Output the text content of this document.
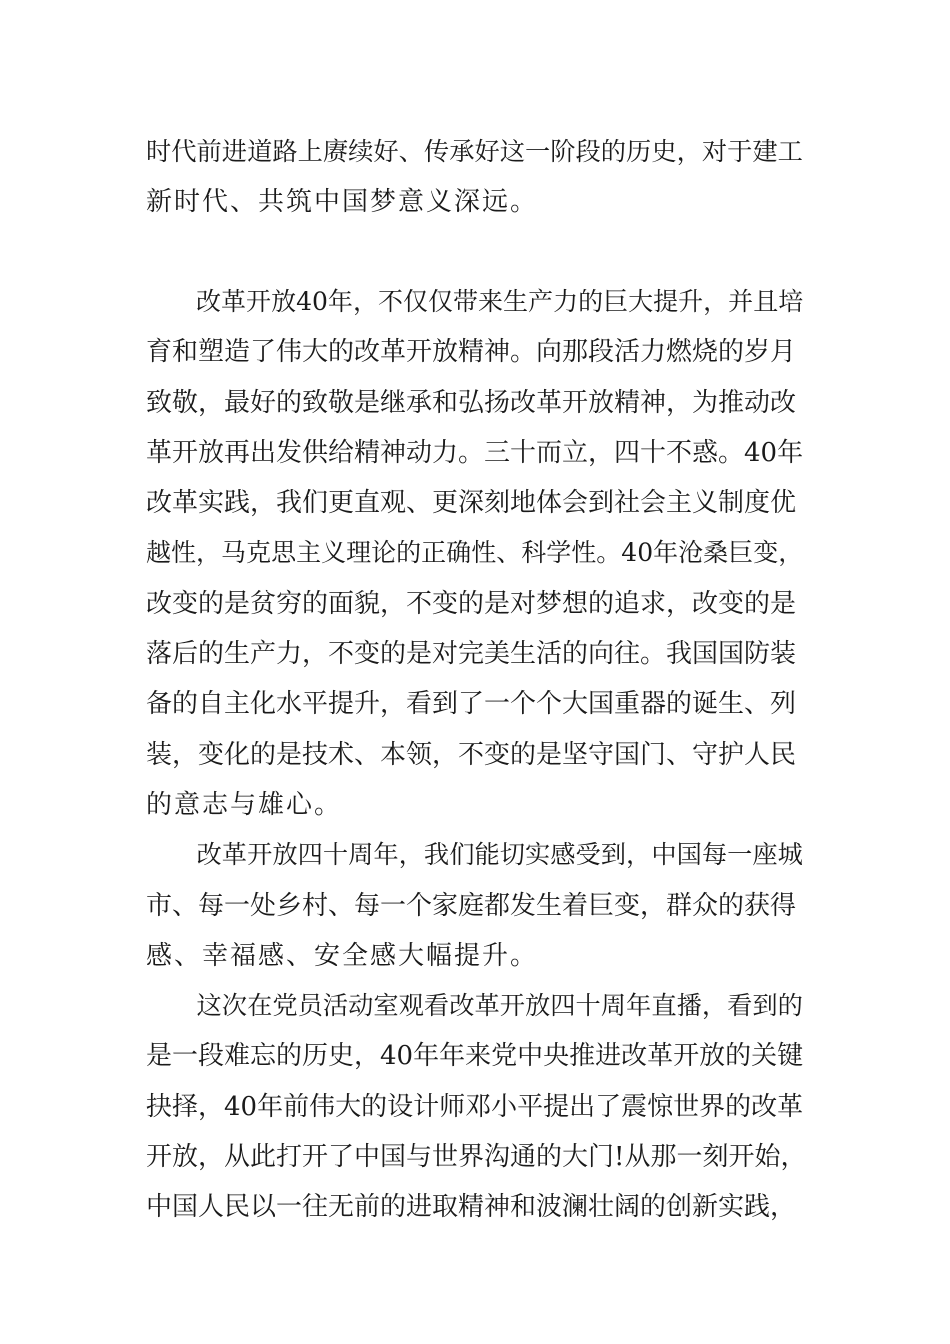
时代前进道路上赓续好、传承好这一阶段的历史，对于建工
新时代、共筑中国梦意义深远。
　　改革开放40年，不仅仅带来生产力的巨大提升，并且培
育和塑造了伟大的改革开放精神。向那段活力燃烧的岁月
致敬，最好的致敬是继承和弘扬改革开放精神，为推动改
革开放再出发供给精神动力。三十而立，四十不惑。40年
改革实践，我们更直观、更深刻地体会到社会主义制度优
越性，马克思主义理论的正确性、科学性。40年沧桑巨变，
改变的是贫穷的面貌，不变的是对梦想的追求，改变的是
落后的生产力，不变的是对完美生活的向往。我国国防装
备的自主化水平提升，看到了一个个大国重器的诞生、列
装，变化的是技术、本领，不变的是坚守国门、守护人民
的意志与雄心。
　　改革开放四十周年，我们能切实感受到，中国每一座城
市、每一处乡村、每一个家庭都发生着巨变，群众的获得
感、幸福感、安全感大幅提升。
　　这次在党员活动室观看改革开放四十周年直播，看到的
是一段难忘的历史，40年年来党中央推进改革开放的关键
抉择，40年前伟大的设计师邓小平提出了震惊世界的改革
开放，从此打开了中国与世界沟通的大门!从那一刻开始，
中国人民以一往无前的进取精神和波澜壮阔的创新实践，
